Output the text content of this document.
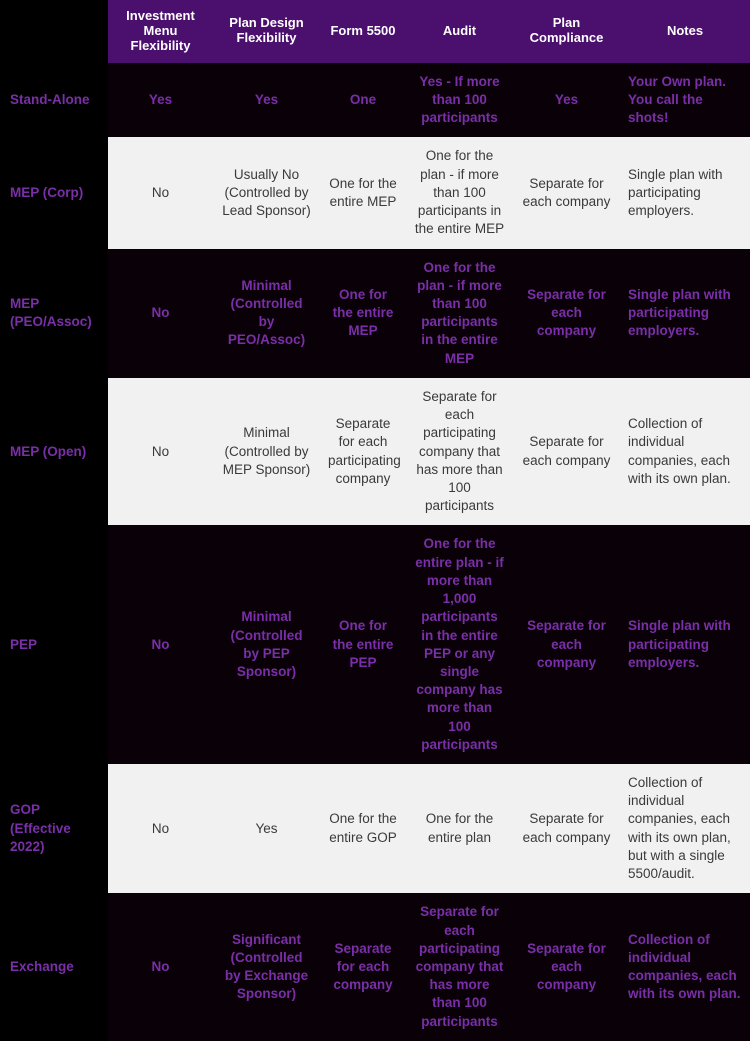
	Investment Menu Flexibility	Plan Design Flexibility	Form 5500	Audit	Plan Compliance	Notes
Stand-Alone	Yes	Yes	One	Yes - If more than 100 participants	Yes	Your Own plan. You call the shots!
MEP (Corp)	No	Usually No (Controlled by Lead Sponsor)	One for the entire MEP	One for the plan - if more than 100 participants in the entire MEP	Separate for each company	Single plan with participating employers.
MEP (PEO/Assoc)	No	Minimal (Controlled by PEO/Assoc)	One for the entire MEP	One for the plan - if more than 100 participants in the entire MEP	Separate for each company	Single plan with participating employers.
MEP (Open)	No	Minimal (Controlled by MEP Sponsor)	Separate for each participating company	Separate for each participating company that has more than 100 participants	Separate for each company	Collection of individual companies, each with its own plan.
PEP	No	Minimal (Controlled by PEP Sponsor)	One for the entire PEP	One for the entire plan - if more than 1,000 participants in the entire PEP or any single company has more than 100 participants	Separate for each company	Single plan with participating employers.
GOP (Effective 2022)	No	Yes	One for the entire GOP	One for the entire plan	Separate for each company	Collection of individual companies, each with its own plan, but with a single 5500/audit.
Exchange	No	Significant (Controlled by Exchange Sponsor)	Separate for each company	Separate for each participating company that has more than 100 participants	Separate for each company	Collection of individual companies, each with its own plan.
